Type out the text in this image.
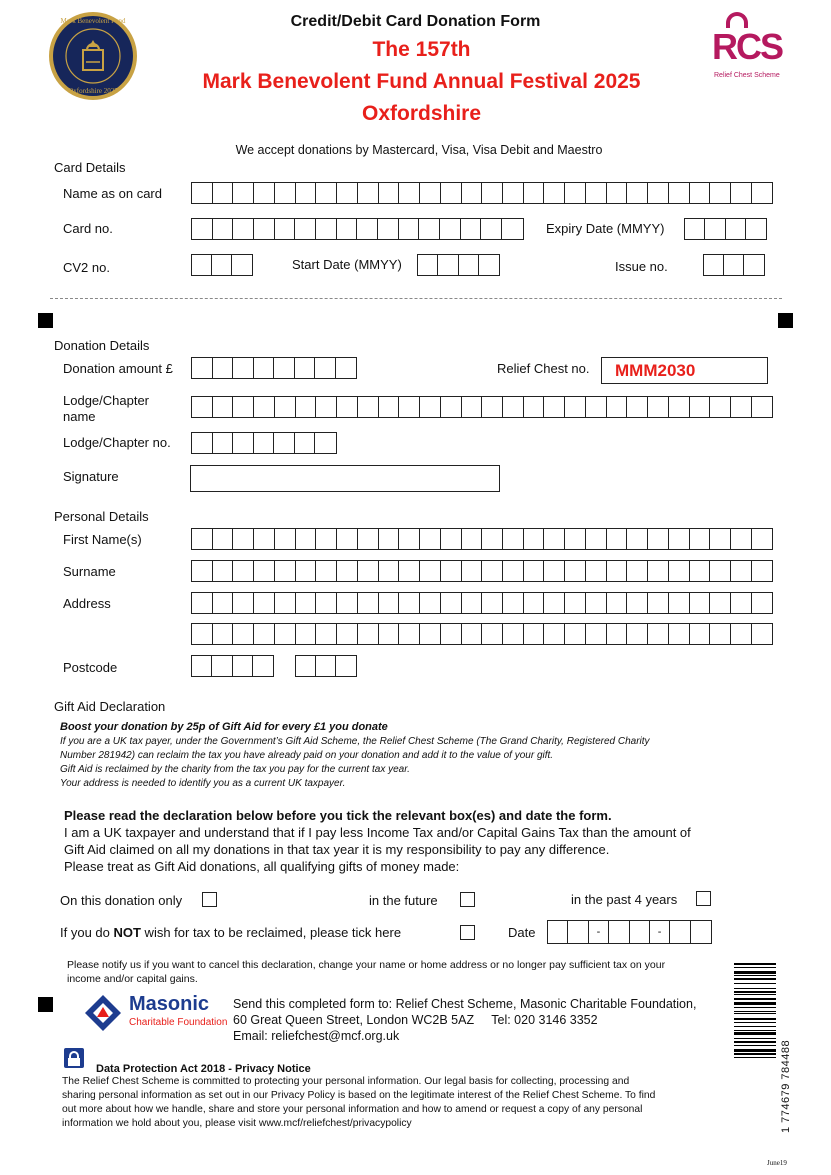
Mark Benevolent Fund
Oxfordshire 2025
Credit/Debit Card Donation Form
The 157th
Mark Benevolent Fund Annual Festival 2025
Oxfordshire
RCS
Relief Chest Scheme
We accept donations by Mastercard, Visa, Visa Debit and Maestro
Card Details
Name as on card
Card no.	Expiry Date (MMYY)
CV2 no.	Start Date (MMYY)	Issue no.
Donation Details
Donation amount £	Relief Chest no. MMM2030
Lodge/Chapter
name
Lodge/Chapter no.
Signature
Personal Details
First Name(s)
Surname
Address
Postcode
Gift Aid Declaration
Boost your donation by 25p of Gift Aid for every £1 you donate
If you are a UK tax payer, under the Government’s Gift Aid Scheme, the Relief Chest Scheme (The Grand Charity, Registered Charity
Number 281942) can reclaim the tax you have already paid on your donation and add it to the value of your gift.
Gift Aid is reclaimed by the charity from the tax you pay for the current tax year.
Your address is needed to identify you as a current UK taxpayer.
Please read the declaration below before you tick the relevant box(es) and date the form.
I am a UK taxpayer and understand that if I pay less Income Tax and/or Capital Gains Tax than the amount of
Gift Aid claimed on all my donations in that tax year it is my responsibility to pay any difference.
Please treat as Gift Aid donations, all qualifying gifts of money made:
On this donation only	in the future	in the past 4 years
If you do NOT wish for tax to be reclaimed, please tick here	Date	-	-
Please notify us if you want to cancel this declaration, change your name or home address or no longer pay sufficient tax on your
income and/or capital gains.
Masonic
Charitable Foundation
Send this completed form to: Relief Chest Scheme, Masonic Charitable Foundation,
60 Great Queen Street, London WC2B 5AZ     Tel: 020 3146 3352
Email: reliefchest@mcf.org.uk
Data Protection Act 2018 - Privacy Notice
The Relief Chest Scheme is committed to protecting your personal information. Our legal basis for collecting, processing and
sharing personal information as set out in our Privacy Policy is based on the legitimate interest of the Relief Chest Scheme. To find
out more about how we handle, share and store your personal information and how to amend or request a copy of any personal
information we hold about you, please visit www.mcf/reliefchest/privacypolicy	1 774679 784488
June19
